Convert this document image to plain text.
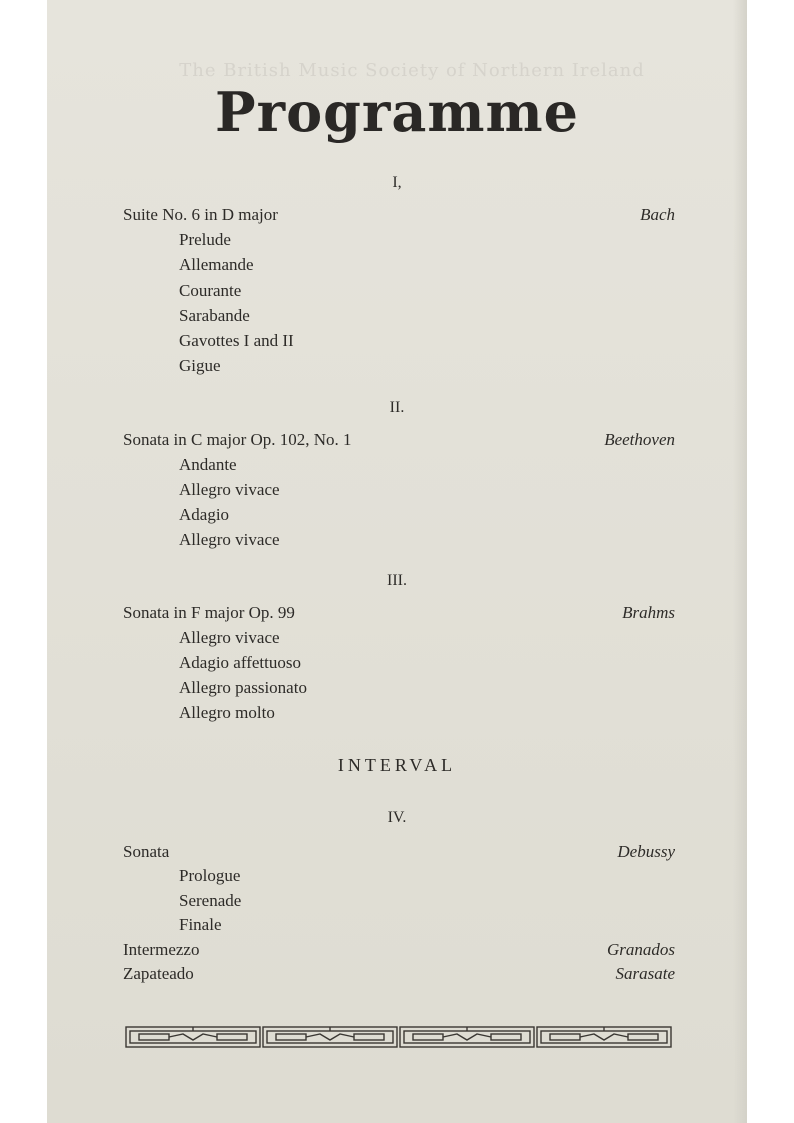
The British Music Society of Northern Ireland
Programme
I,
Suite No. 6 in D major	Bach
Prelude
Allemande
Courante
Sarabande
Gavottes I and II
Gigue
II.
Sonata in C major Op. 102, No. 1	Beethoven
Andante
Allegro vivace
Adagio
Allegro vivace
III.
Sonata in F major Op. 99	Brahms
Allegro vivace
Adagio affettuoso
Allegro passionato
Allegro molto
INTERVAL
IV.
Sonata	Debussy
Prologue
Serenade
Finale
Intermezzo	Granados
Zapateado	Sarasate
